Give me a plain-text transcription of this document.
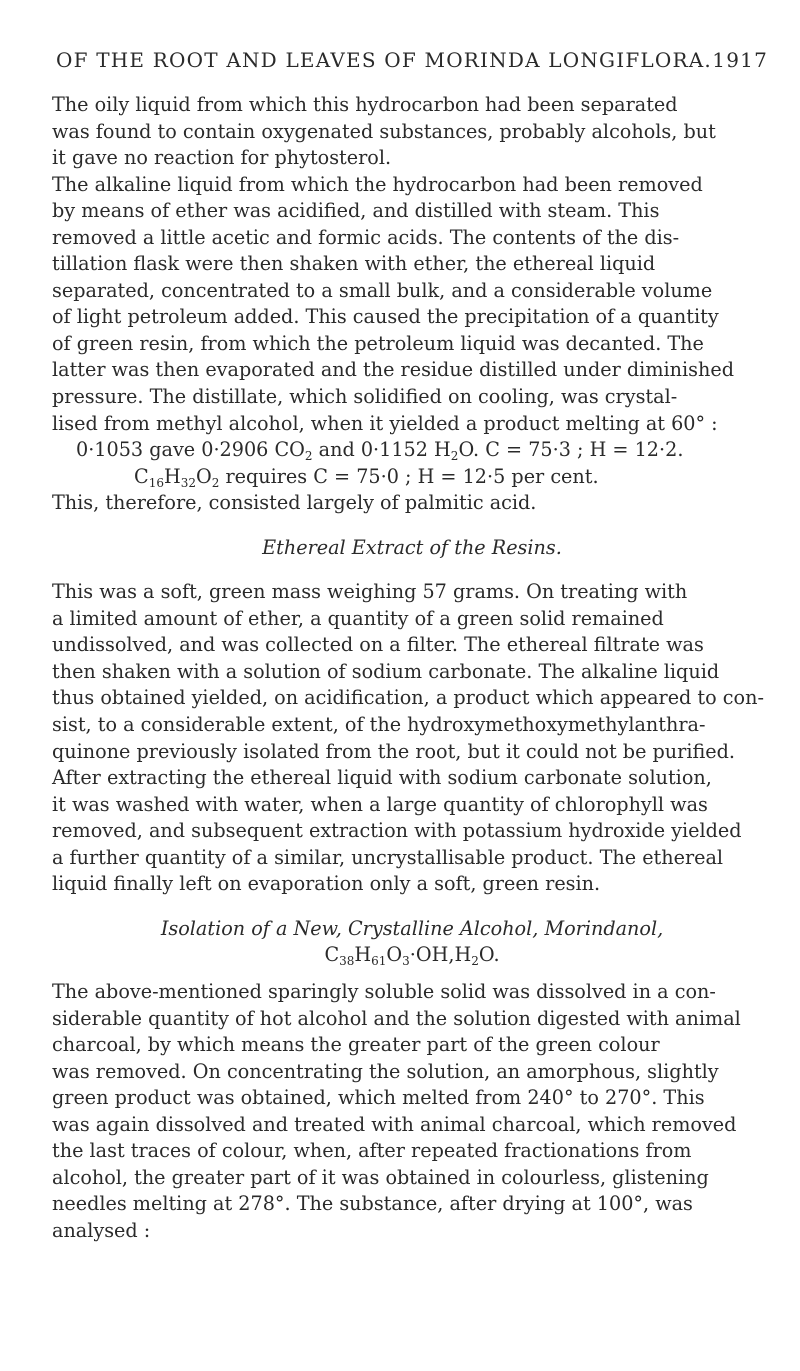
OF THE ROOT AND LEAVES OF MORINDA LONGIFLORA. 1917
The oily liquid from which this hydrocarbon had been separated
was found to contain oxygenated substances, probably alcohols, but
it gave no reaction for phytosterol.
The alkaline liquid from which the hydrocarbon had been removed
by means of ether was acidified, and distilled with steam. This
removed a little acetic and formic acids. The contents of the dis-
tillation flask were then shaken with ether, the ethereal liquid
separated, concentrated to a small bulk, and a considerable volume
of light petroleum added. This caused the precipitation of a quantity
of green resin, from which the petroleum liquid was decanted. The
latter was then evaporated and the residue distilled under diminished
pressure. The distillate, which solidified on cooling, was crystal-
lised from methyl alcohol, when it yielded a product melting at 60° :
0·1053 gave 0·2906 $CO_2$ and 0·1152 $H_2O$. C = 75·3 ; H = 12·2.
$C_{16}H_{32}O_2$ requires C = 75·0 ; H = 12·5 per cent.
This, therefore, consisted largely of palmitic acid.
Ethereal Extract of the Resins.
This was a soft, green mass weighing 57 grams. On treating with
a limited amount of ether, a quantity of a green solid remained
undissolved, and was collected on a filter. The ethereal filtrate was
then shaken with a solution of sodium carbonate. The alkaline liquid
thus obtained yielded, on acidification, a product which appeared to con-
sist, to a considerable extent, of the hydroxymethoxymethylanthra-
quinone previously isolated from the root, but it could not be purified.
After extracting the ethereal liquid with sodium carbonate solution,
it was washed with water, when a large quantity of chlorophyll was
removed, and subsequent extraction with potassium hydroxide yielded
a further quantity of a similar, uncrystallisable product. The ethereal
liquid finally left on evaporation only a soft, green resin.
Isolation of a New, Crystalline Alcohol, Morindanol,
$C_{38}H_{61}O_3\cdot OH,H_2O$.
The above-mentioned sparingly soluble solid was dissolved in a con-
siderable quantity of hot alcohol and the solution digested with animal
charcoal, by which means the greater part of the green colour
was removed. On concentrating the solution, an amorphous, slightly
green product was obtained, which melted from 240° to 270°. This
was again dissolved and treated with animal charcoal, which removed
the last traces of colour, when, after repeated fractionations from
alcohol, the greater part of it was obtained in colourless, glistening
needles melting at 278°. The substance, after drying at 100°, was
analysed :
